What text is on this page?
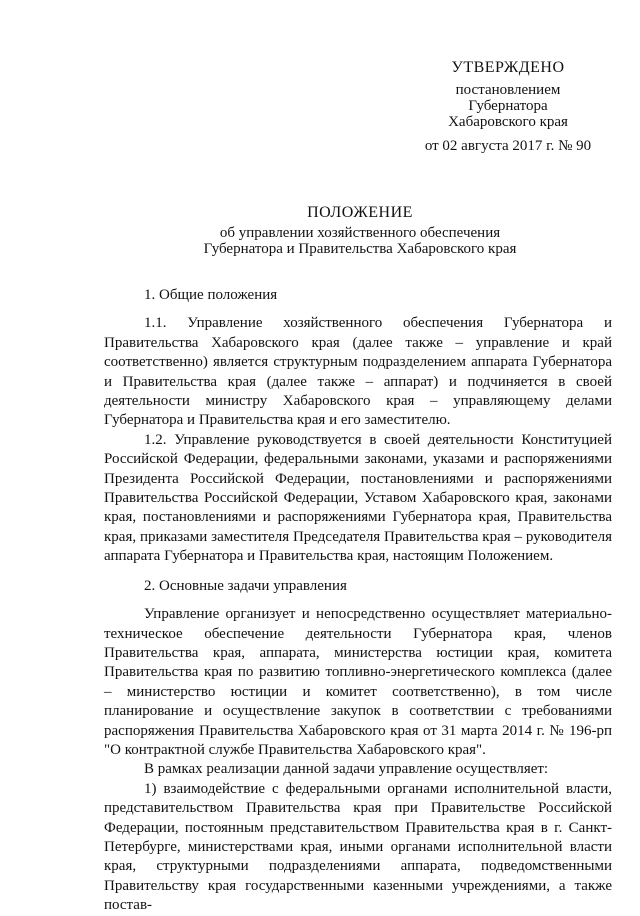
УТВЕРЖДЕНО
постановлением
Губернатора
Хабаровского края
от 02 августа 2017 г. № 90
ПОЛОЖЕНИЕ
об управлении хозяйственного обеспечения
Губернатора и Правительства Хабаровского края
1. Общие положения

1.1. Управление хозяйственного обеспечения Губернатора и Правительства Хабаровского края (далее также – управление и край соответственно) является структурным подразделением аппарата Губернатора и Правительства края (далее также – аппарат) и подчиняется в своей деятельности министру Хабаровского края – управляющему делами Губернатора и Правительства края и его заместителю.

1.2. Управление руководствуется в своей деятельности Конституцией Российской Федерации, федеральными законами, указами и распоряжениями Президента Российской Федерации, постановлениями и распоряжениями Правительства Российской Федерации, Уставом Хабаровского края, законами края, постановлениями и распоряжениями Губернатора края, Правительства края, приказами заместителя Председателя Правительства края – руководителя аппарата Губернатора и Правительства края, настоящим Положением.

2. Основные задачи управления

Управление организует и непосредственно осуществляет материально-техническое обеспечение деятельности Губернатора края, членов Правительства края, аппарата, министерства юстиции края, комитета Правительства края по развитию топливно-энергетического комплекса (далее – министерство юстиции и комитет соответственно), в том числе планирование и осуществление закупок в соответствии с требованиями распоряжения Правительства Хабаровского края от 31 марта 2014 г. № 196-рп "О контрактной службе Правительства Хабаровского края".

В рамках реализации данной задачи управление осуществляет:

1) взаимодействие с федеральными органами исполнительной власти, представительством Правительства края при Правительстве Российской Федерации, постоянным представительством Правительства края в г. Санкт-Петербурге, министерствами края, иными органами исполнительной власти края, структурными подразделениями аппарата, подведомственными Правительству края государственными казенными учреждениями, а также постав-
